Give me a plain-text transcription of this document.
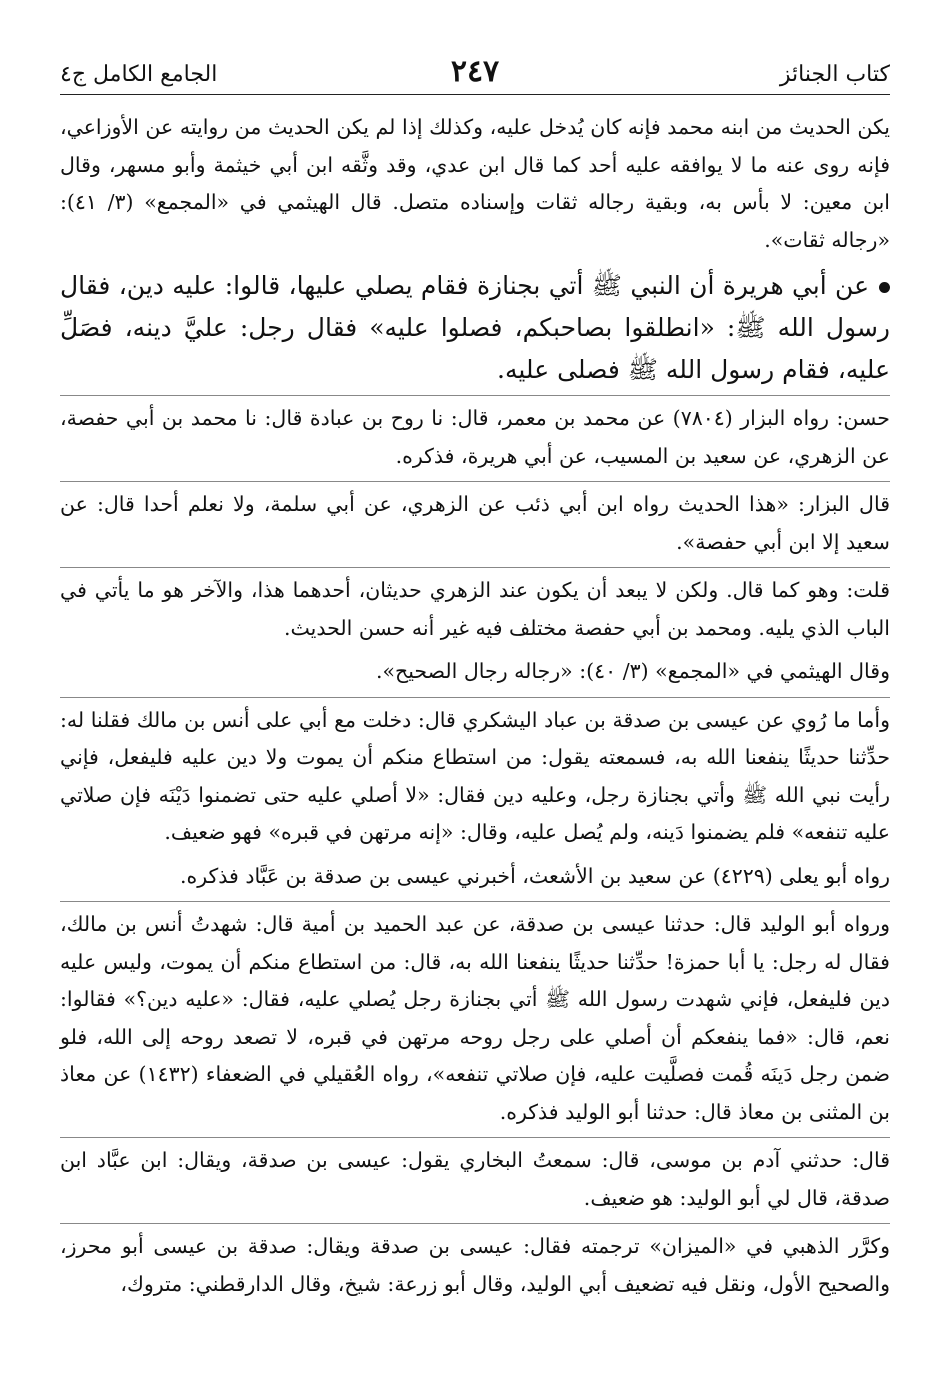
كتاب الجنائز
٢٤٧
الجامع الكامل ج٤

يكن الحديث من ابنه محمد فإنه كان يُدخل عليه، وكذلك إذا لم يكن الحديث من روايته عن الأوزاعي، فإنه روى عنه ما لا يوافقه عليه أحد كما قال ابن عدي، وقد وثَّقه ابن أبي خيثمة وأبو مسهر، وقال ابن معين: لا بأس به، وبقية رجاله ثقات وإسناده متصل. قال الهيثمي في «المجمع» (٣/ ٤١): «رجاله ثقات».

عن أبي هريرة أن النبي ﷺ أتي بجنازة فقام يصلي عليها، قالوا: عليه دين، فقال رسول الله ﷺ: «انطلقوا بصاحبكم، فصلوا عليه» فقال رجل: عليَّ دينه، فصَلِّ عليه، فقام رسول الله ﷺ فصلى عليه.

حسن: رواه البزار (٧٨٠٤) عن محمد بن معمر، قال: نا روح بن عبادة قال: نا محمد بن أبي حفصة، عن الزهري، عن سعيد بن المسيب، عن أبي هريرة، فذكره.

قال البزار: «هذا الحديث رواه ابن أبي ذئب عن الزهري، عن أبي سلمة، ولا نعلم أحدا قال: عن سعيد إلا ابن أبي حفصة».

قلت: وهو كما قال. ولكن لا يبعد أن يكون عند الزهري حديثان، أحدهما هذا، والآخر هو ما يأتي في الباب الذي يليه. ومحمد بن أبي حفصة مختلف فيه غير أنه حسن الحديث.

وقال الهيثمي في «المجمع» (٣/ ٤٠): «رجاله رجال الصحيح».

وأما ما رُوي عن عيسى بن صدقة بن عباد اليشكري قال: دخلت مع أبي على أنس بن مالك فقلنا له: حدِّثنا حديثًا ينفعنا الله به، فسمعته يقول: من استطاع منكم أن يموت ولا دين عليه فليفعل، فإني رأيت نبي الله ﷺ وأتي بجنازة رجل، وعليه دين فقال: «لا أصلي عليه حتى تضمنوا دَيْنَه فإن صلاتي عليه تنفعه» فلم يضمنوا دَينه، ولم يُصل عليه، وقال: «إنه مرتهن في قبره» فهو ضعيف.

رواه أبو يعلى (٤٢٢٩) عن سعيد بن الأشعث، أخبرني عيسى بن صدقة بن عَبَّاد فذكره.

ورواه أبو الوليد قال: حدثنا عيسى بن صدقة، عن عبد الحميد بن أمية قال: شهدتُ أنس بن مالك، فقال له رجل: يا أبا حمزة! حدِّثنا حديثًا ينفعنا الله به، قال: من استطاع منكم أن يموت، وليس عليه دين فليفعل، فإني شهدت رسول الله ﷺ أتي بجنازة رجل يُصلي عليه، فقال: «عليه دين؟» فقالوا: نعم، قال: «فما ينفعكم أن أصلي على رجل روحه مرتهن في قبره، لا تصعد روحه إلى الله، فلو ضمن رجل دَينَه قُمت فصلَّيت عليه، فإن صلاتي تنفعه»، رواه العُقيلي في الضعفاء (١٤٣٢) عن معاذ بن المثنى بن معاذ قال: حدثنا أبو الوليد فذكره.

قال: حدثني آدم بن موسى، قال: سمعتُ البخاري يقول: عيسى بن صدقة، ويقال: ابن عبَّاد ابن صدقة، قال لي أبو الوليد: هو ضعيف.

وكرَّر الذهبي في «الميزان» ترجمته فقال: عيسى بن صدقة ويقال: صدقة بن عيسى أبو محرز، والصحيح الأول، ونقل فيه تضعيف أبي الوليد، وقال أبو زرعة: شيخ، وقال الدارقطني: متروك،
